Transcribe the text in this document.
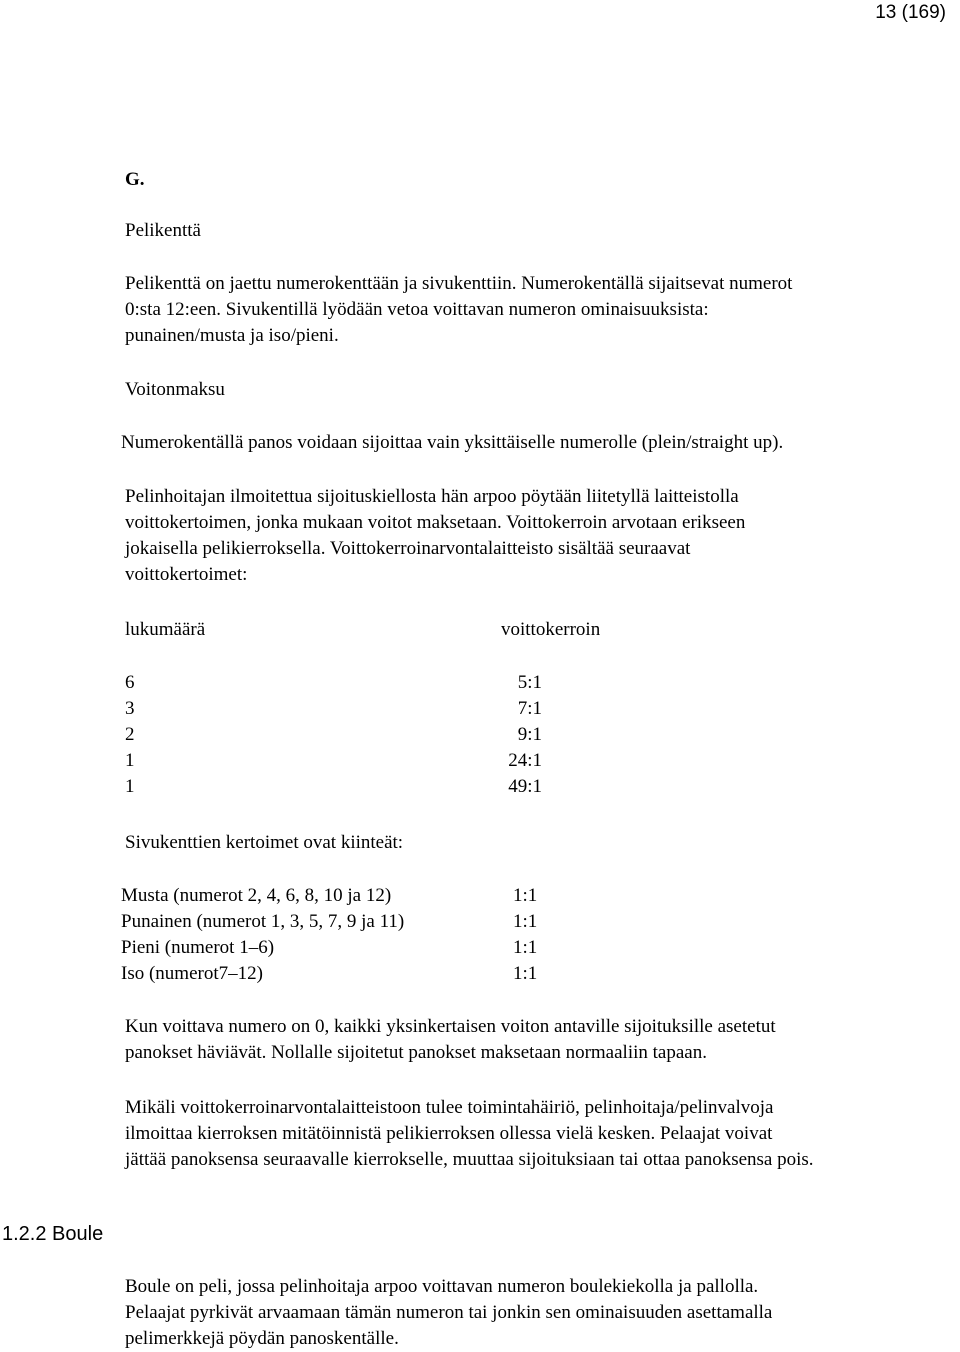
13 (169)
G.
Pelikenttä
Pelikenttä on jaettu numerokenttään ja sivukenttiin. Numerokentällä sijaitsevat numerot
0:sta 12:een. Sivukentillä lyödään vetoa voittavan numeron ominaisuuksista:
punainen/musta ja iso/pieni.
Voitonmaksu
Numerokentällä panos voidaan sijoittaa vain yksittäiselle numerolle (plein/straight up).
Pelinhoitajan ilmoitettua sijoituskiellosta hän arpoo pöytään liitetyllä laitteistolla
voittokertoimen, jonka mukaan voitot maksetaan. Voittokerroin arvotaan erikseen
jokaisella pelikierroksella. Voittokerroinarvontalaitteisto sisältää seuraavat
voittokertoimet:
lukumäärä	voittokerroin
6	5:1
3	7:1
2	9:1
1	24:1
1	49:1
Sivukenttien kertoimet ovat kiinteät:
Musta (numerot 2, 4, 6, 8, 10 ja 12)	1:1
Punainen (numerot 1, 3, 5, 7, 9 ja 11)	1:1
Pieni (numerot 1–6)	1:1
Iso (numerot7–12)	1:1
Kun voittava numero on 0, kaikki yksinkertaisen voiton antaville sijoituksille asetetut
panokset häviävät. Nollalle sijoitetut panokset maksetaan normaaliin tapaan.
Mikäli voittokerroinarvontalaitteistoon tulee toimintahäiriö, pelinhoitaja/pelinvalvoja
ilmoittaa kierroksen mitätöinnistä pelikierroksen ollessa vielä kesken. Pelaajat voivat
jättää panoksensa seuraavalle kierrokselle, muuttaa sijoituksiaan tai ottaa panoksensa pois.
1.2.2 Boule
Boule on peli, jossa pelinhoitaja arpoo voittavan numeron boulekiekolla ja pallolla.
Pelaajat pyrkivät arvaamaan tämän numeron tai jonkin sen ominaisuuden asettamalla
pelimerkkejä pöydän panoskentälle.
